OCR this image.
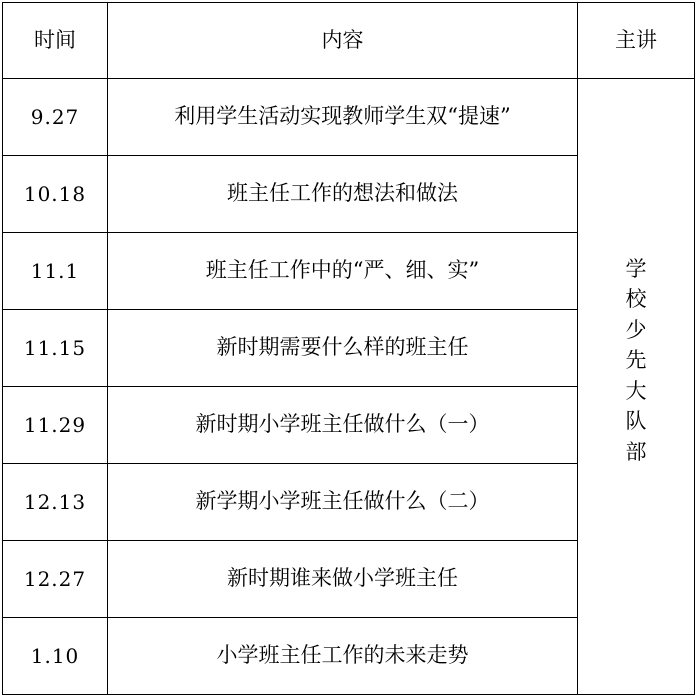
时间	内容	主讲
9.27	利用学生活动实现教师学生双“提速”	学校少先大队部
10.18	班主任工作的想法和做法	
11.1	班主任工作中的“严、细、实”	
11.15	新时期需要什么样的班主任	
11.29	新时期小学班主任做什么（一）	
12.13	新学期小学班主任做什么（二）	
12.27	新时期谁来做小学班主任	
1.10	小学班主任工作的未来走势	
